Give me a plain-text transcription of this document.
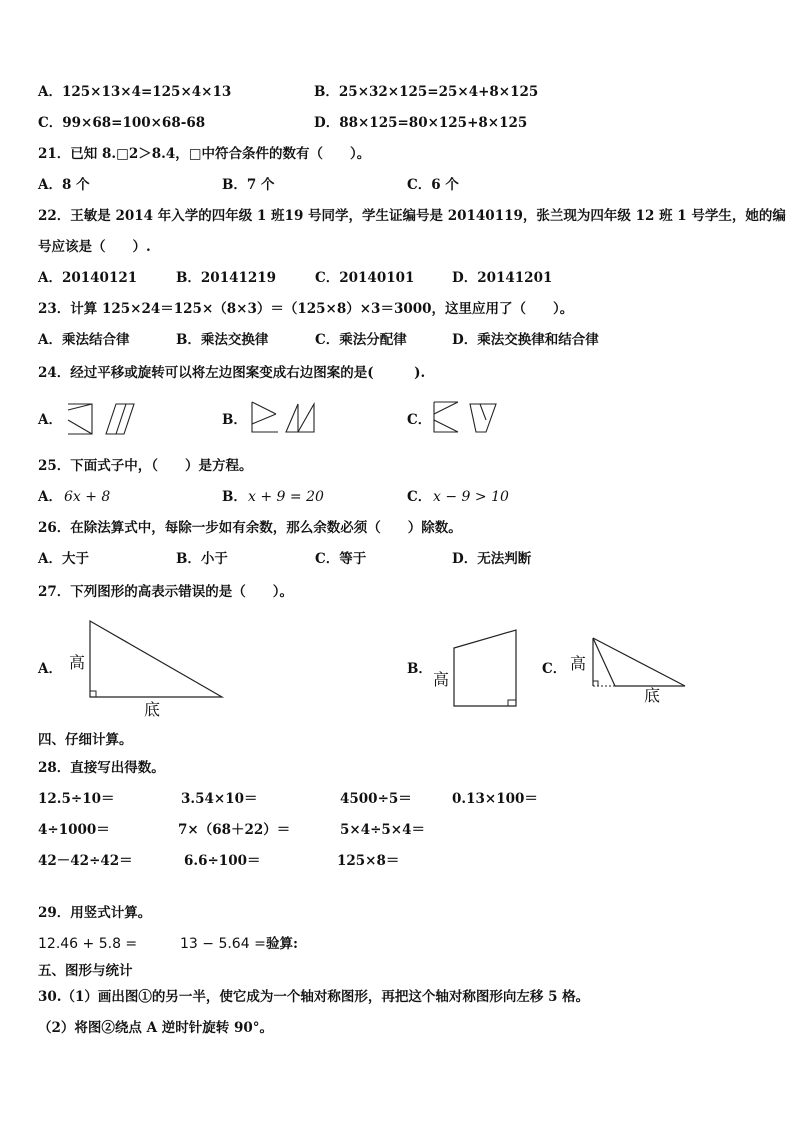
A．125×13×4=125×4×13	B．25×32×125=25×4+8×125
C．99×68=100×68-68	D．88×125=80×125+8×125
21．已知 8.□2＞8.4，□中符合条件的数有（　　）。
A．8 个	B．7 个	C．6 个
22．王敏是 2014 年入学的四年级 1 班19 号同学，学生证编号是 20140119，张兰现为四年级 12 班 1 号学生，她的编
号应该是（　　）.
A．20140121	B．20141219	C．20140101	D．20141201
23．计算 125×24＝125×（8×3）＝（125×8）×3＝3000，这里应用了（　　）。
A．乘法结合律	B．乘法交换律	C．乘法分配律	D．乘法交换律和结合律
24．经过平移或旋转可以将左边图案变成右边图案的是(　　　).
A．	B．	C．
25．下面式子中，（　　）是方程。
A． 6x + 8	B． x + 9 = 20	C． x − 9 > 10
26．在除法算式中，每除一步如有余数，那么余数必须（　　）除数。
A．大于	B．小于	C．等于	D．无法判断
27．下列图形的高表示错误的是（　　）。
A． 高
底
B．
高
C． 高
底
四、仔细计算。
28．直接写出得数。
12.5÷10＝	3.54×10＝	4500÷5＝	0.13×100＝
4÷1000＝	7×（68＋22）＝	5×4÷5×4＝
42－42÷42＝	6.6÷100＝	125×8＝
29．用竖式计算。
12.46 + 5.8 =	13 − 5.64 = 验算:
五、图形与统计
30.（1）画出图①的另一半，使它成为一个轴对称图形，再把这个轴对称图形向左移 5 格。
（2）将图②绕点 A 逆时针旋转 90°。
